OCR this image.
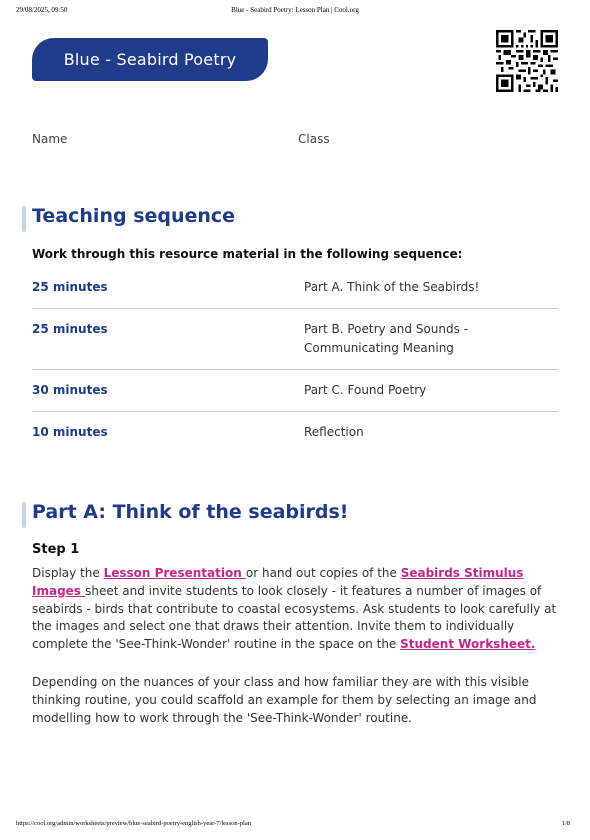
29/08/2025, 09:50	Blue - Seabird Poetry: Lesson Plan | Cool.org
Blue - Seabird Poetry
Name	Class
Teaching sequence
Work through this resource material in the following sequence:
25 minutes	Part A. Think of the Seabirds!
25 minutes	Part B. Poetry and Sounds - Communicating Meaning
30 minutes	Part C. Found Poetry
10 minutes	Reflection
Part A: Think of the seabirds!
Step 1

Display the Lesson Presentation or hand out copies of the Seabirds Stimulus Images sheet and invite students to look closely - it features a number of images of seabirds - birds that contribute to coastal ecosystems. Ask students to look carefully at the images and select one that draws their attention. Invite them to individually complete the 'See-Think-Wonder' routine in the space on the Student Worksheet.

Depending on the nuances of your class and how familiar they are with this visible thinking routine, you could scaffold an example for them by selecting an image and modelling how to work through the 'See-Think-Wonder' routine.

https://cool.org/admin/worksheets/preview/blue-seabird-poetry-english-year-7/lesson-plan	1/8
